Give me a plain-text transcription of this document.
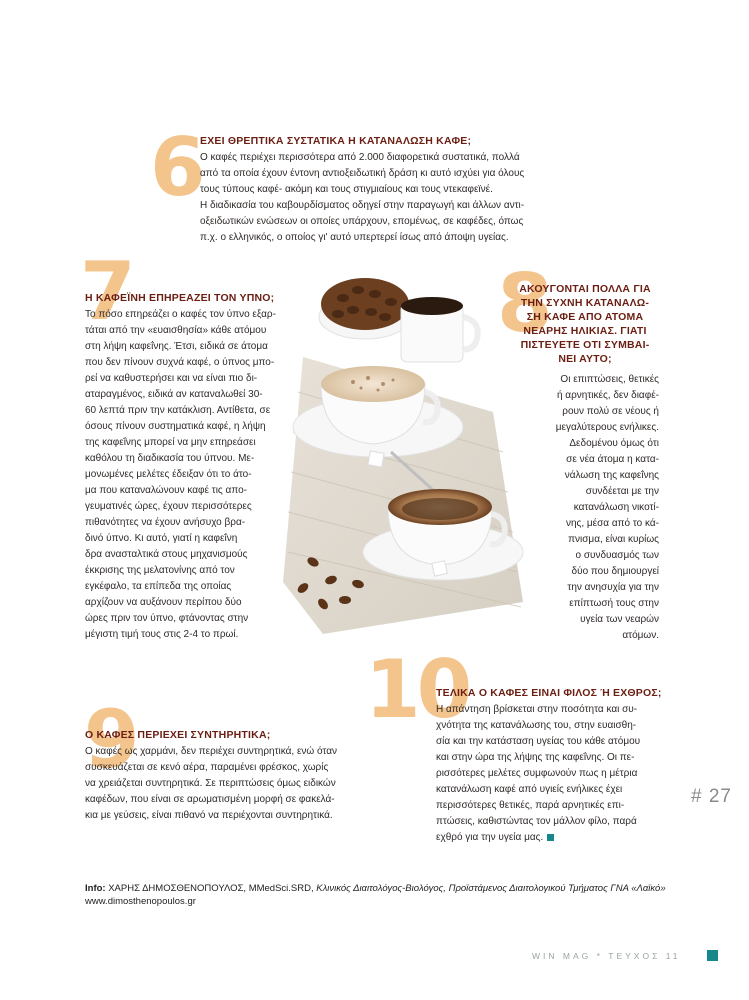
6
ΕΧΕΙ ΘΡΕΠΤΙΚΑ ΣΥΣΤΑΤΙΚΑ Η ΚΑΤΑΝΑΛΩΣΗ ΚΑΦΕ;
Ο καφές περιέχει περισσότερα από 2.000 διαφορετικά συστατικά, πολλά
από τα οποία έχουν έντονη αντιοξειδωτική δράση κι αυτό ισχύει για όλους
τους τύπους καφέ- ακόμη και τους στιγμιαίους και τους ντεκαφεϊνέ.
Η διαδικασία του καβουρδίσματος οδηγεί στην παραγωγή και άλλων αντι-
οξειδωτικών ενώσεων οι οποίες υπάρχουν, επομένως, σε καφέδες, όπως
π.χ. ο ελληνικός, ο οποίος γι' αυτό υπερτερεί ίσως από άποψη υγείας.
7
Η ΚΑΦΕΪΝΗ ΕΠΗΡΕΑΖΕΙ ΤΟΝ ΥΠΝΟ;
Το πόσο επηρεάζει ο καφές τον ύπνο εξαρ-
τάται από την «ευαισθησία» κάθε ατόμου
στη λήψη καφεΐνης. Έτσι, ειδικά σε άτομα
που δεν πίνουν συχνά καφέ, ο ύπνος μπο-
ρεί να καθυστερήσει και να είναι πιο δι-
αταραγμένος, ειδικά αν καταναλωθεί 30-
60 λεπτά πριν την κατάκλιση. Αντίθετα, σε
όσους πίνουν συστηματικά καφέ, η λήψη
της καφεΐνης μπορεί να μην επηρεάσει
καθόλου τη διαδικασία του ύπνου. Με-
μονωμένες μελέτες έδειξαν ότι το άτο-
μα που καταναλώνουν καφέ τις απο-
γευματινές ώρες, έχουν περισσότερες
πιθανότητες να έχουν ανήσυχο βρα-
δινό ύπνο. Κι αυτό, γιατί η καφεΐνη
δρα ανασταλτικά στους μηχανισμούς
έκκρισης της μελατονίνης από τον
εγκέφαλο, τα επίπεδα της οποίας
αρχίζουν να αυξάνουν περίπου δύο
ώρες πριν τον ύπνο, φτάνοντας στην
μέγιστη τιμή τους στις 2-4 το πρωί.
8
ΑΚΟΥΓΟΝΤΑΙ ΠΟΛΛΑ ΓΙΑ
ΤΗΝ ΣΥΧΝΗ ΚΑΤΑΝΑΛΩ-
ΣΗ ΚΑΦΕ ΑΠΟ ΑΤΟΜΑ
ΝΕΑΡΗΣ ΗΛΙΚΙΑΣ. ΓΙΑΤΙ
ΠΙΣΤΕΥΕΤΕ ΟΤΙ ΣΥΜΒΑΙ-
ΝΕΙ ΑΥΤΟ;
Οι επιπτώσεις, θετικές
ή αρνητικές, δεν διαφέ-
ρουν πολύ σε νέους ή
μεγαλύτερους ενήλικες.
Δεδομένου όμως ότι
σε νέα άτομα η κατα-
νάλωση της καφεΐνης
συνδέεται με την
κατανάλωση νικοτί-
νης, μέσα από το κά-
πνισμα, είναι κυρίως
ο συνδυασμός των
δύο που δημιουργεί
την ανησυχία για την
επίπτωσή τους στην
υγεία των νεαρών
ατόμων.
10
ΤΕΛΙΚΑ Ο ΚΑΦΕΣ ΕΙΝΑΙ ΦΙΛΟΣ Ή ΕΧΘΡΟΣ;
Η απάντηση βρίσκεται στην ποσότητα και συ-
χνότητα της κατανάλωσης του, στην ευαισθη-
σία και την κατάσταση υγείας του κάθε ατόμου
και στην ώρα της λήψης της καφεΐνης. Οι πε-
ρισσότερες μελέτες συμφωνούν πως η μέτρια
κατανάλωση καφέ από υγιείς ενήλικες έχει
περισσότερες θετικές, παρά αρνητικές επι-
πτώσεις, καθιστώντας τον μάλλον φίλο, παρά
εχθρό για την υγεία μας.
9
Ο ΚΑΦΕΣ ΠΕΡΙΕΧΕΙ ΣΥΝΤΗΡΗΤΙΚΑ;
Ο καφές ως χαρμάνι, δεν περιέχει συντηρητικά, ενώ όταν
συσκευάζεται σε κενό αέρα, παραμένει φρέσκος, χωρίς
να χρειάζεται συντηρητικά. Σε περιπτώσεις όμως ειδικών
καφέδων, που είναι σε αρωματισμένη μορφή σε φακελά-
κια με γεύσεις, είναι πιθανό να περιέχονται συντηρητικά.
# 27
Info: ΧΑΡΗΣ ΔΗΜΟΣΘΕΝΟΠΟΥΛΟΣ, MMedSci.SRD, Κλινικός Διαιτολόγος-Βιολόγος, Προϊστάμενος Διαιτολογικού Τμήματος ΓΝΑ «Λαϊκό»
www.dimosthenopoulos.gr
WIN MAG * ΤΕΥΧΟΣ 11
